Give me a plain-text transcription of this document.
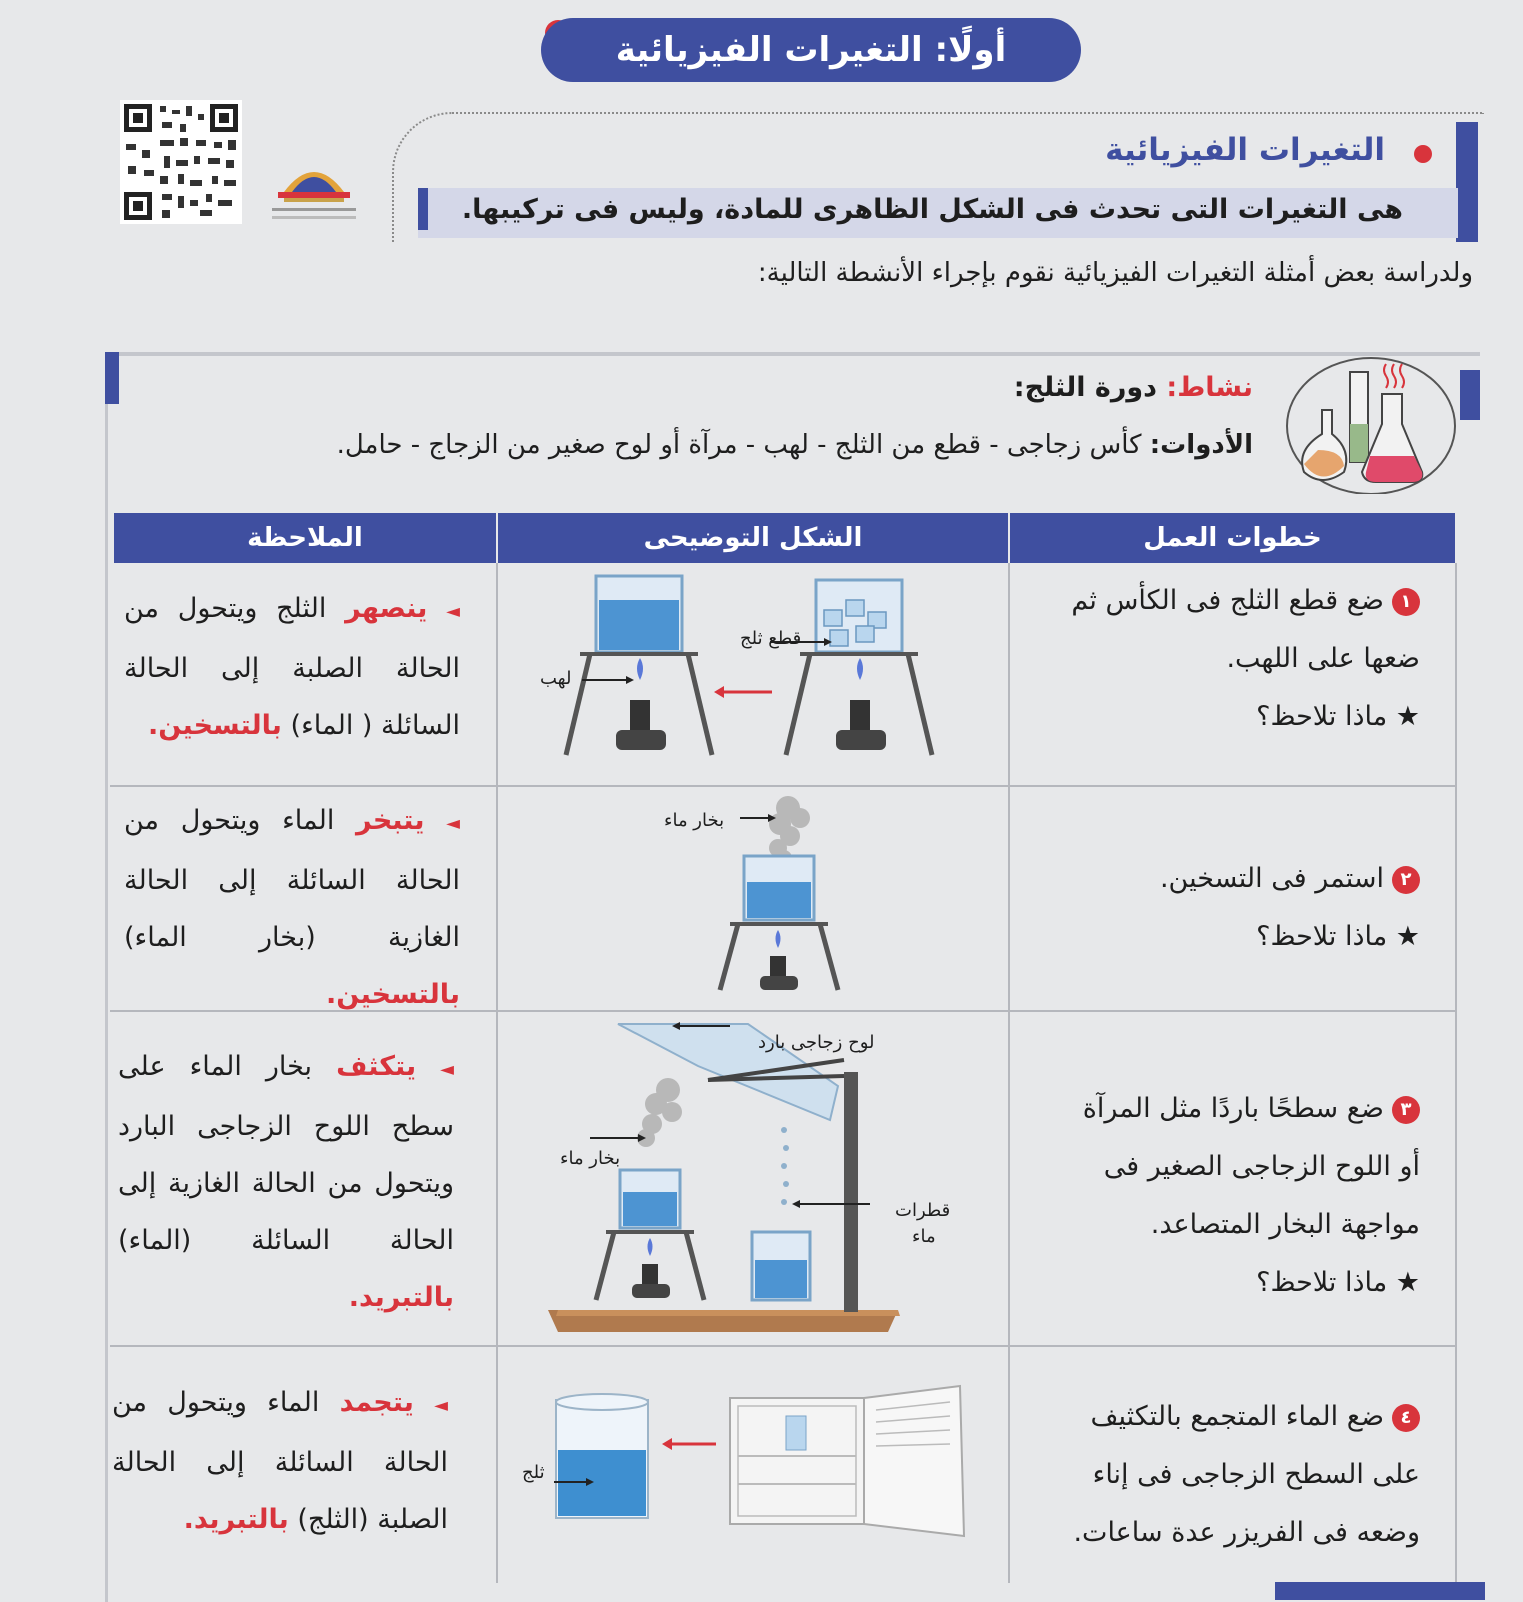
أولًا: التغيرات الفيزيائية
التغيرات الفيزيائية
هى التغيرات التى تحدث فى الشكل الظاهرى للمادة، وليس فى تركيبها.
ولدراسة بعض أمثلة التغيرات الفيزيائية نقوم بإجراء الأنشطة التالية:
نشاط: دورة الثلج:
الأدوات: كأس زجاجى - قطع من الثلج - لهب - مرآة أو لوح صغير من الزجاج - حامل.
خطوات العمل
الشكل التوضيحى
الملاحظة
١ضع قطع الثلج فى الكأس ثم
ضعها على اللهب.
★ ماذا تلاحظ؟
قطع ثلج
لهب
◄ ينصهر الثلج ويتحول من الحالة الصلبة إلى الحالة السائلة ( الماء) بالتسخين.
٢استمر فى التسخين.
★ ماذا تلاحظ؟
بخار ماء
◄ يتبخر الماء ويتحول من الحالة السائلة إلى الحالة الغازية (بخار الماء) بالتسخين.
٣ضع سطحًا باردًا مثل المرآة
أو اللوح الزجاجى الصغير فى
مواجهة البخار المتصاعد.
★ ماذا تلاحظ؟
لوح زجاجى بارد
بخار ماء
قطرات
ماء
◄ يتكثف بخار الماء على سطح اللوح الزجاجى البارد ويتحول من الحالة الغازية إلى الحالة السائلة (الماء) بالتبريد.
٤ضع الماء المتجمع بالتكثيف
على السطح الزجاجى فى إناء
وضعه فى الفريزر عدة ساعات.
ثلج
◄ يتجمد الماء ويتحول من الحالة السائلة إلى الحالة الصلبة (الثلج) بالتبريد.
